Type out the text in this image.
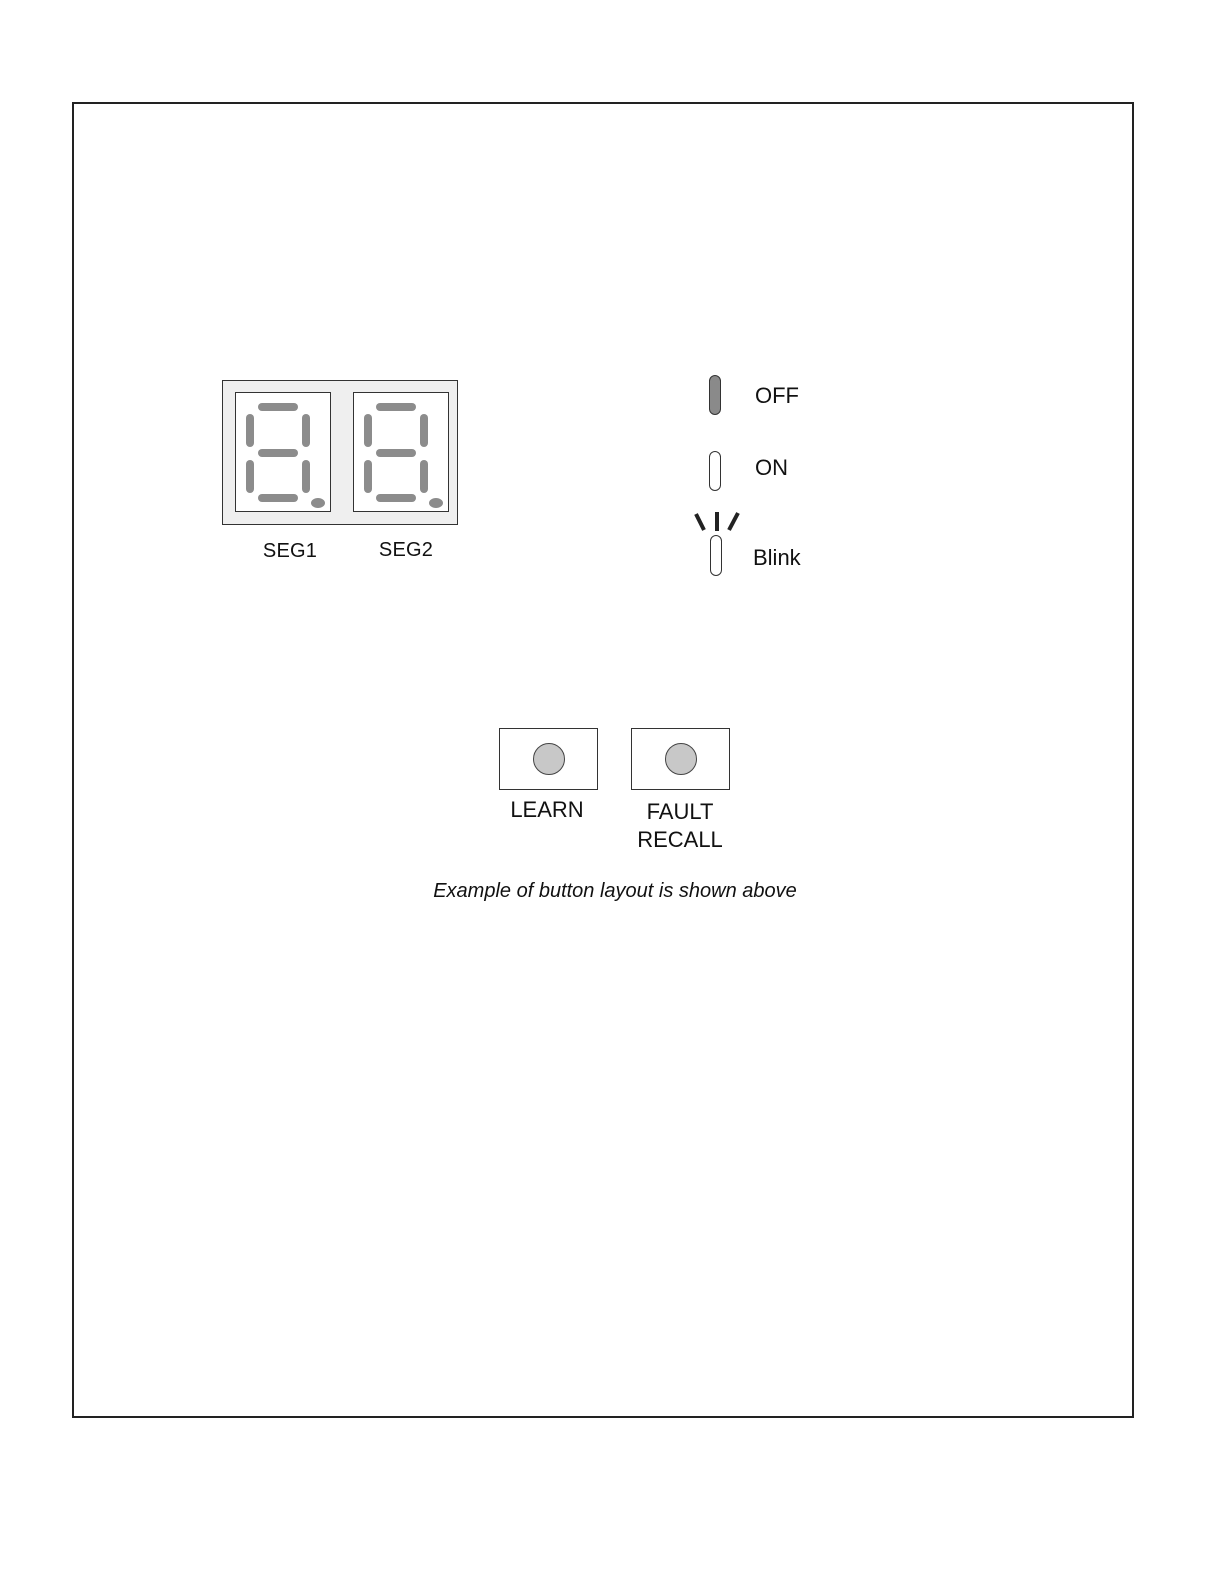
SEG1	SEG2
OFF
ON
Blink
LEARN	FAULT
RECALL
Example of button layout is shown above
